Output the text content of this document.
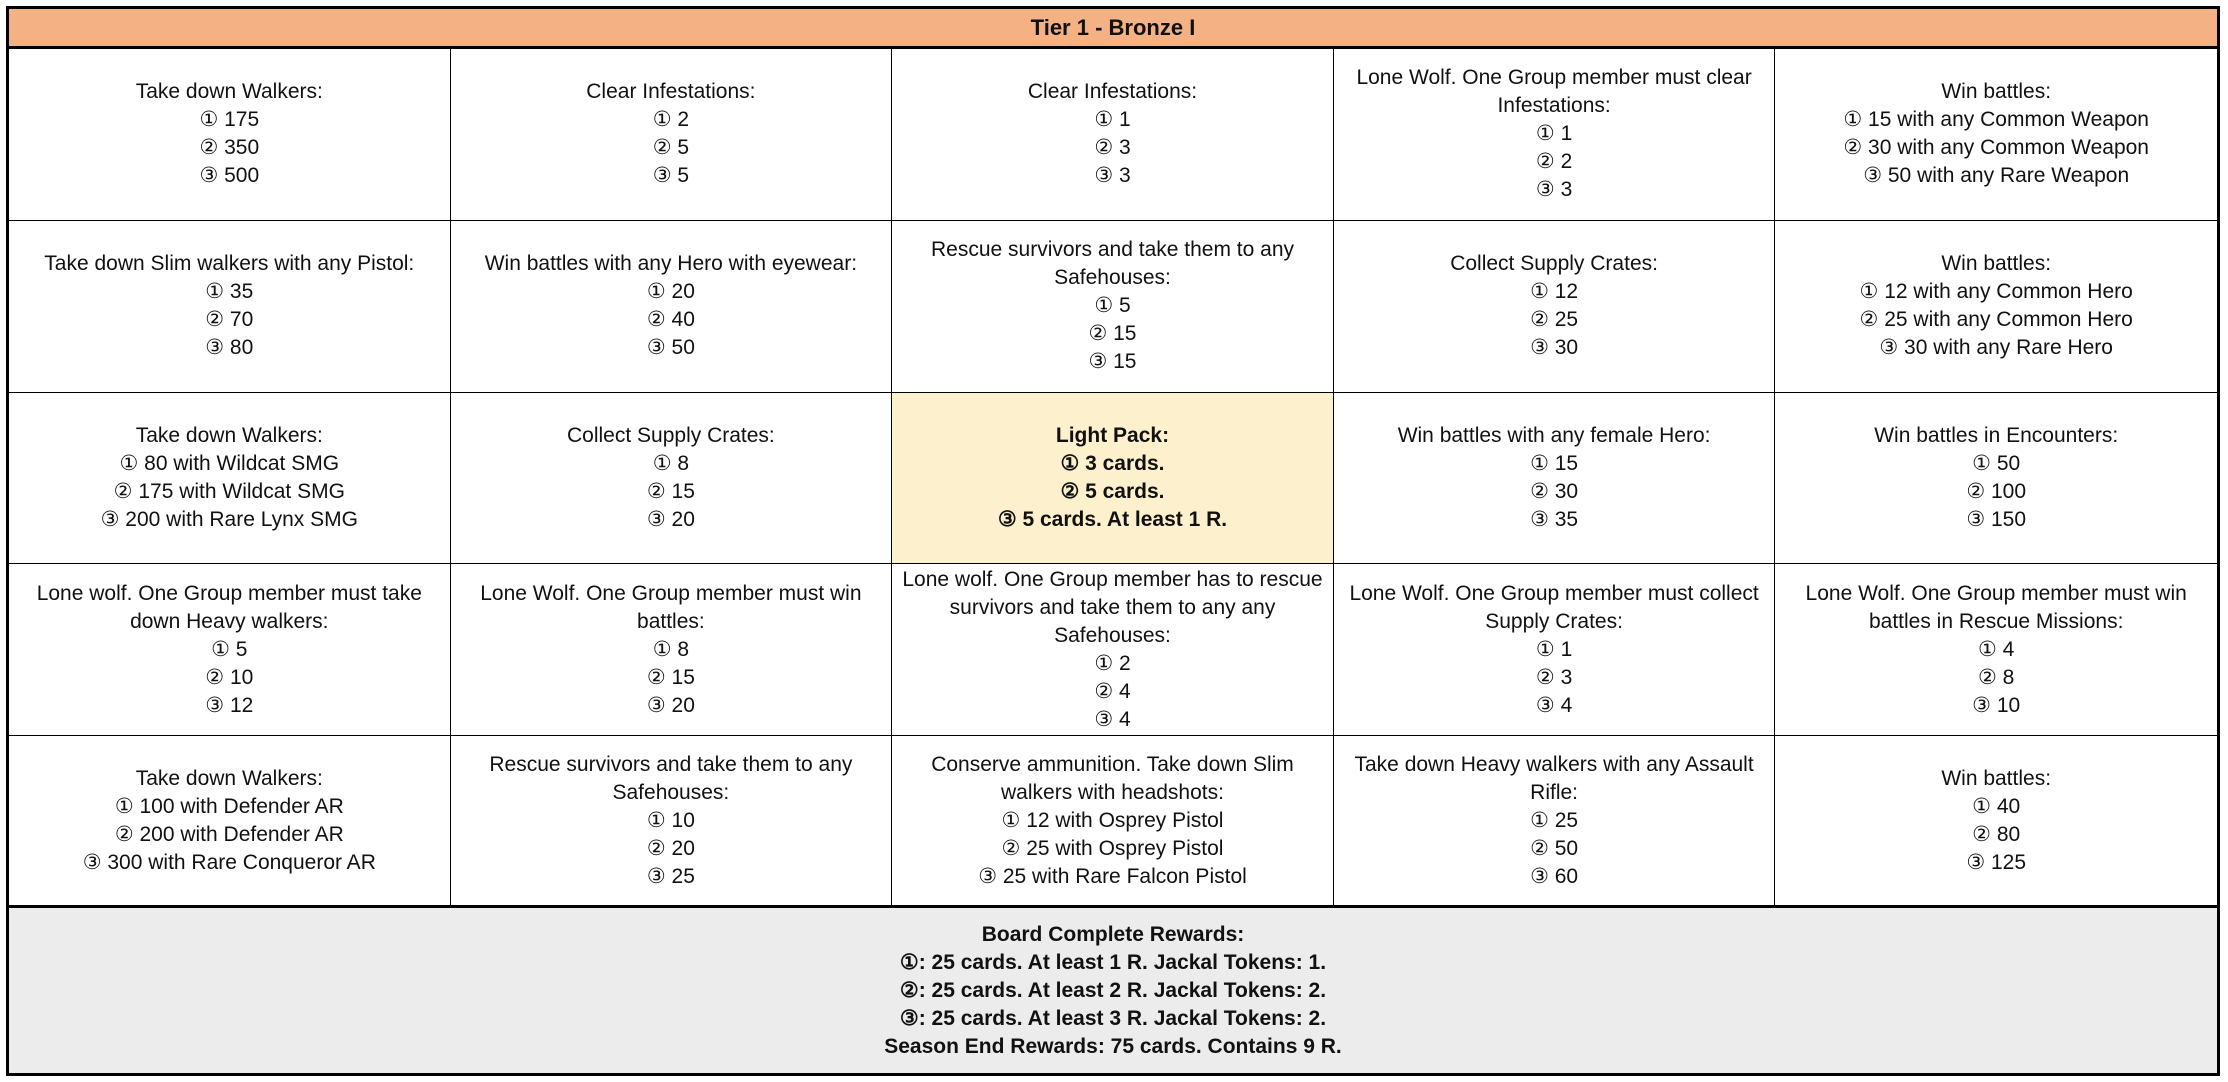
Tier 1 - Bronze I
Take down Walkers:
① 175
② 350
③ 500
Clear Infestations:
① 2
② 5
③ 5
Clear Infestations:
① 1
② 3
③ 3
Lone Wolf. One Group member must clear Infestations:
① 1
② 2
③ 3
Win battles:
① 15 with any Common Weapon
② 30 with any Common Weapon
③ 50 with any Rare Weapon
Take down Slim walkers with any Pistol:
① 35
② 70
③ 80
Win battles with any Hero with eyewear:
① 20
② 40
③ 50
Rescue survivors and take them to any Safehouses:
① 5
② 15
③ 15
Collect Supply Crates:
① 12
② 25
③ 30
Win battles:
① 12 with any Common Hero
② 25 with any Common Hero
③ 30 with any Rare Hero
Take down Walkers:
① 80 with Wildcat SMG
② 175 with Wildcat SMG
③ 200 with Rare Lynx SMG
Collect Supply Crates:
① 8
② 15
③ 20
Light Pack:
① 3 cards.
② 5 cards.
③ 5 cards. At least 1 R.
Win battles with any female Hero:
① 15
② 30
③ 35
Win battles in Encounters:
① 50
② 100
③ 150
Lone wolf. One Group member must take down Heavy walkers:
① 5
② 10
③ 12
Lone Wolf. One Group member must win battles:
① 8
② 15
③ 20
Lone wolf. One Group member has to rescue survivors and take them to any any Safehouses:
① 2
② 4
③ 4
Lone Wolf. One Group member must collect Supply Crates:
① 1
② 3
③ 4
Lone Wolf. One Group member must win battles in Rescue Missions:
① 4
② 8
③ 10
Take down Walkers:
① 100 with Defender AR
② 200 with Defender AR
③ 300 with Rare Conqueror AR
Rescue survivors and take them to any Safehouses:
① 10
② 20
③ 25
Conserve ammunition. Take down Slim walkers with headshots:
① 12 with Osprey Pistol
② 25 with Osprey Pistol
③ 25 with Rare Falcon Pistol
Take down Heavy walkers with any Assault Rifle:
① 25
② 50
③ 60
Win battles:
① 40
② 80
③ 125
Board Complete Rewards:
①: 25 cards. At least 1 R. Jackal Tokens: 1.
②: 25 cards. At least 2 R. Jackal Tokens: 2.
③: 25 cards. At least 3 R. Jackal Tokens: 2.
Season End Rewards: 75 cards. Contains 9 R.
